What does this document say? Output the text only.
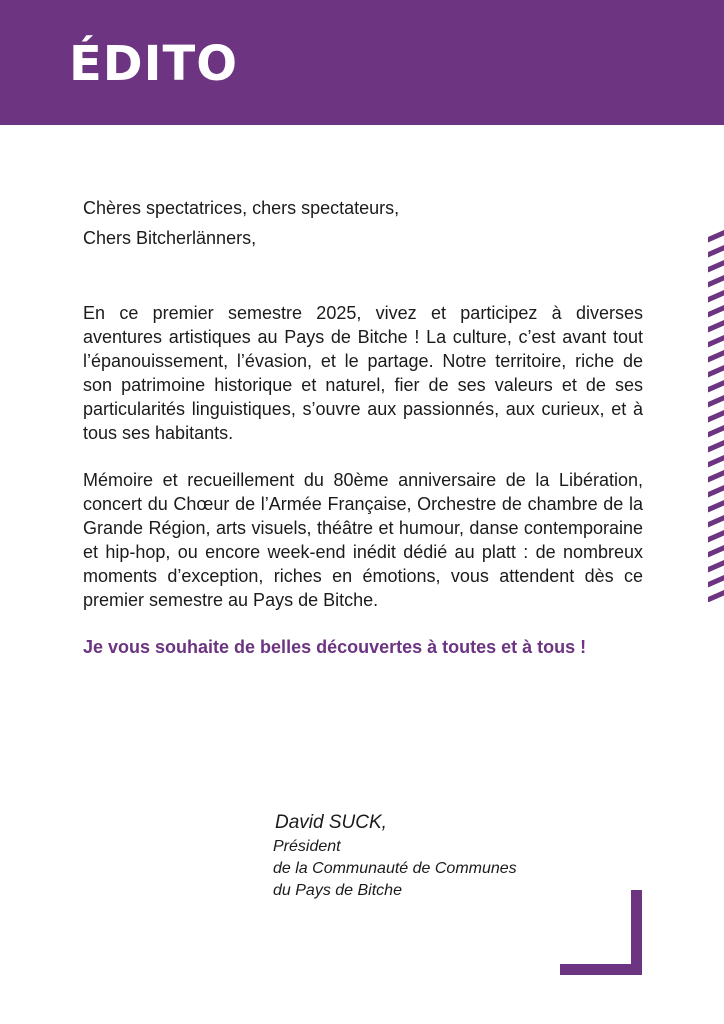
ÉDITO

Chères spectatrices, chers spectateurs,

Chers Bitcherlänners,

En ce premier semestre 2025, vivez et participez à diverses aventures artistiques au Pays de Bitche ! La culture, c’est avant tout l’épanouissement, l’évasion, et le partage. Notre territoire, riche de son patrimoine historique et naturel, fier de ses valeurs et de ses particularités linguistiques, s’ouvre aux passionnés, aux curieux, et à tous ses habitants.

Mémoire et recueillement du 80ème anniversaire de la Libération, concert du Chœur de l’Armée Française, Orchestre de chambre de la Grande Région, arts visuels, théâtre et humour, danse contemporaine et hip-hop, ou encore week-end inédit dédié au platt : de nombreux moments d’exception, riches en émotions, vous attendent dès ce premier semestre au Pays de Bitche.

Je vous souhaite de belles découvertes à toutes et à tous !

David SUCK,

Président

de la Communauté de Communes

du Pays de Bitche
